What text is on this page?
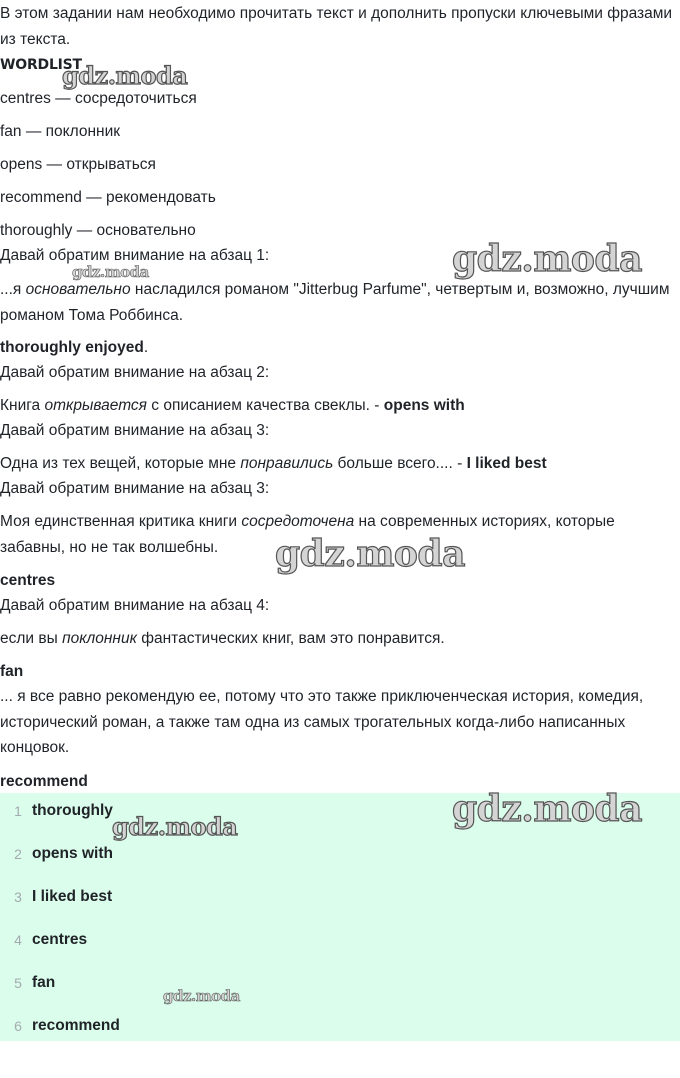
В этом задании нам необходимо прочитать текст и дополнить пропуски ключевыми фразами из текста.

WORDLIST

centres — сосредоточиться

fan — поклонник

opens — открываться

recommend — рекомендовать

thoroughly — основательно

Давай обратим внимание на абзац 1:

...я основательно насладился романом "Jitterbug Parfume", четвертым и, возможно, лучшим романом Тома Роббинса.

thoroughly enjoyed.

Давай обратим внимание на абзац 2:

Книга открывается с описанием качества свеклы. - opens with

Давай обратим внимание на абзац 3:

Одна из тех вещей, которые мне понравились больше всего.... - I liked best

Давай обратим внимание на абзац 3:

Моя единственная критика книги сосредоточена на современных историях, которые забавны, но не так волшебны.

centres

Давай обратим внимание на абзац 4:

если вы поклонник фантастических книг, вам это понравится.

fan

... я все равно рекомендую ее, потому что это также приключенческая история, комедия, исторический роман, а также там одна из самых трогательных когда-либо написанных концовок.

recommend

1 thoroughly
2 opens with
3 I liked best
4 centres
5 fan
6 recommend
gdz.moda
gdz.moda
gdz.moda
gdz.moda
gdz.moda
gdz.moda
gdz.moda
